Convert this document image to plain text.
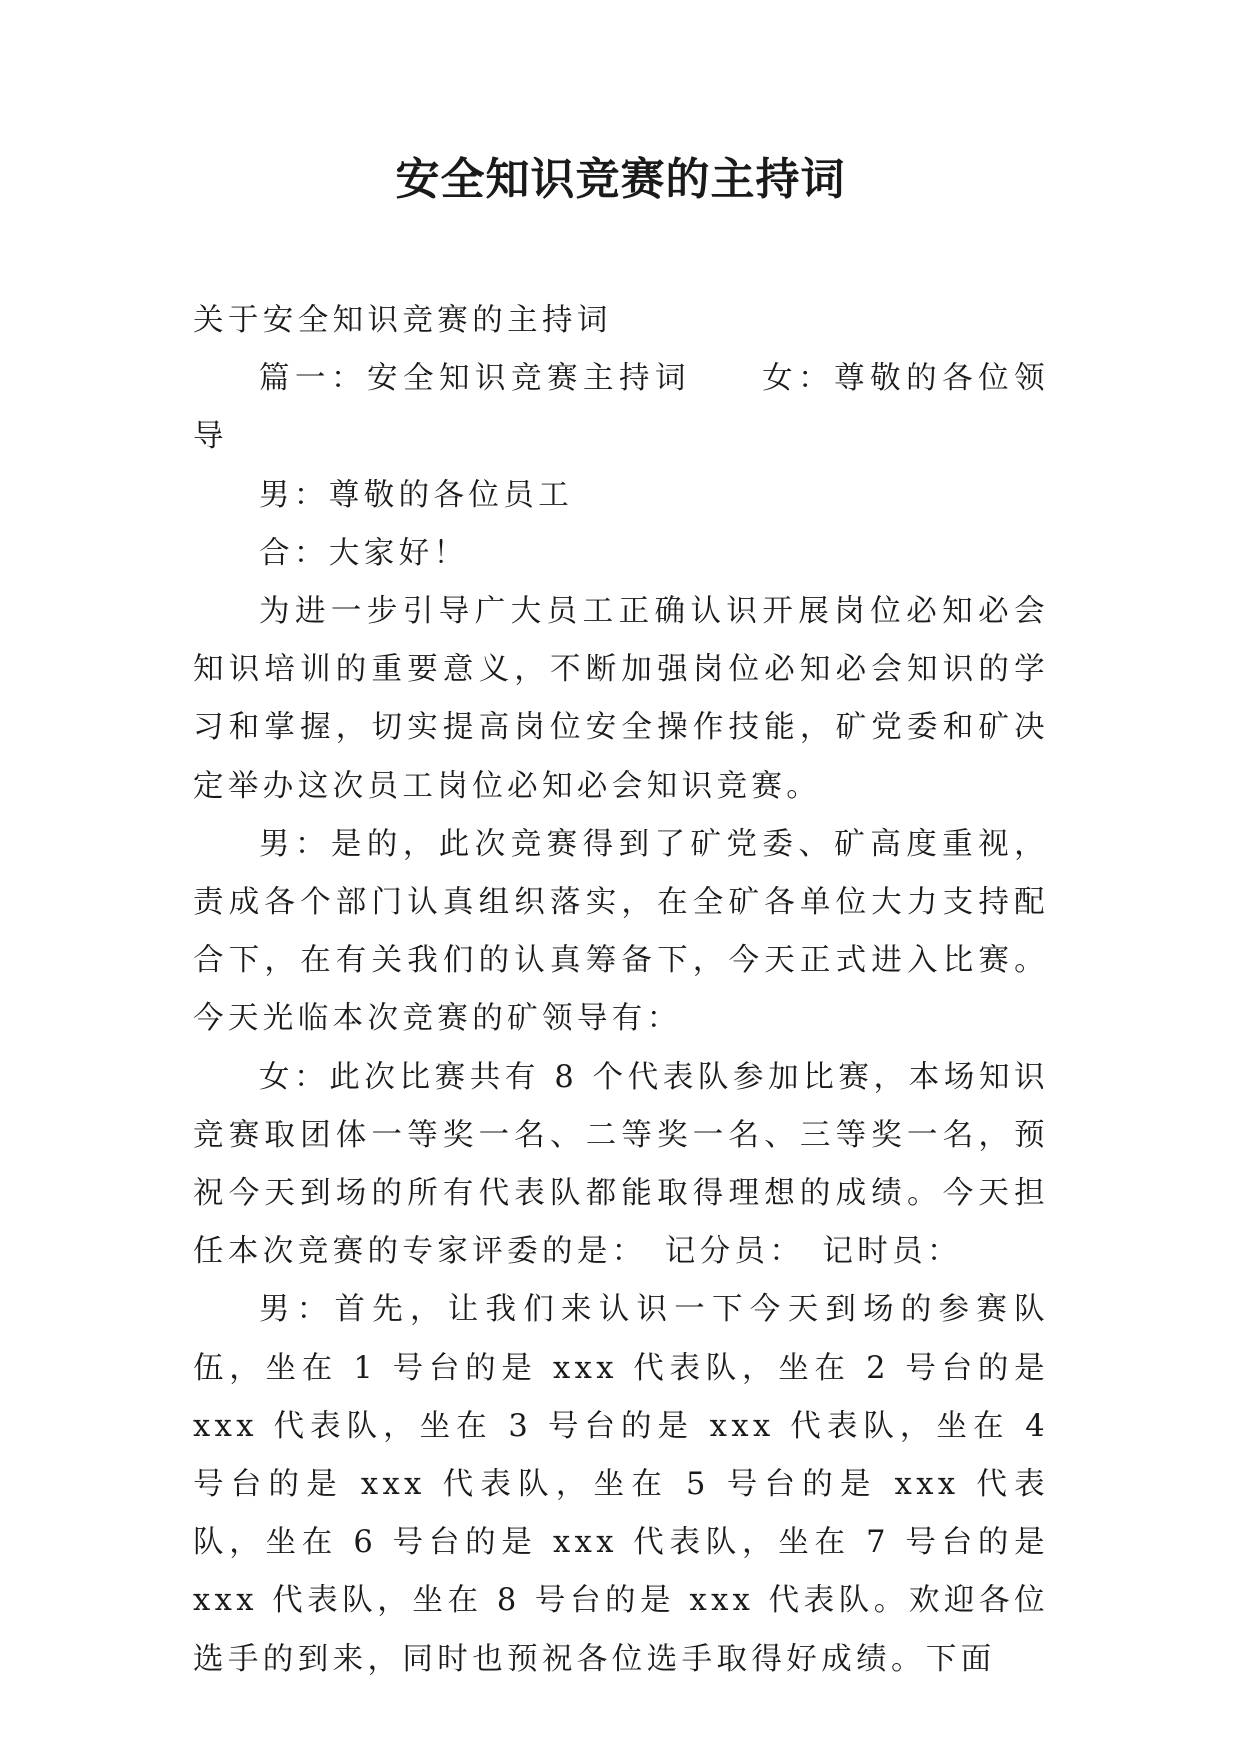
安全知识竞赛的主持词

关于安全知识竞赛的主持词

篇一：安全知识竞赛主持词 女：尊敬的各位领导

男：尊敬的各位员工

合：大家好！

为进一步引导广大员工正确认识开展岗位必知必会知识培训的重要意义，不断加强岗位必知必会知识的学习和掌握，切实提高岗位安全操作技能，矿党委和矿决定举办这次员工岗位必知必会知识竞赛。

男：是的，此次竞赛得到了矿党委、矿高度重视，责成各个部门认真组织落实，在全矿各单位大力支持配合下，在有关我们的认真筹备下，今天正式进入比赛。今天光临本次竞赛的矿领导有：

女：此次比赛共有 8 个代表队参加比赛，本场知识竞赛取团体一等奖一名、二等奖一名、三等奖一名，预祝今天到场的所有代表队都能取得理想的成绩。今天担任本次竞赛的专家评委的是： 记分员： 记时员：

男：首先，让我们来认识一下今天到场的参赛队伍，坐在 1 号台的是 xxx 代表队，坐在 2 号台的是 xxx 代表队，坐在 3 号台的是 xxx 代表队，坐在 4 号台的是 xxx 代表队，坐在 5 号台的是 xxx 代表队，坐在 6 号台的是 xxx 代表队，坐在 7 号台的是 xxx 代表队，坐在 8 号台的是 xxx 代表队。欢迎各位选手的到来，同时也预祝各位选手取得好成绩。下面
